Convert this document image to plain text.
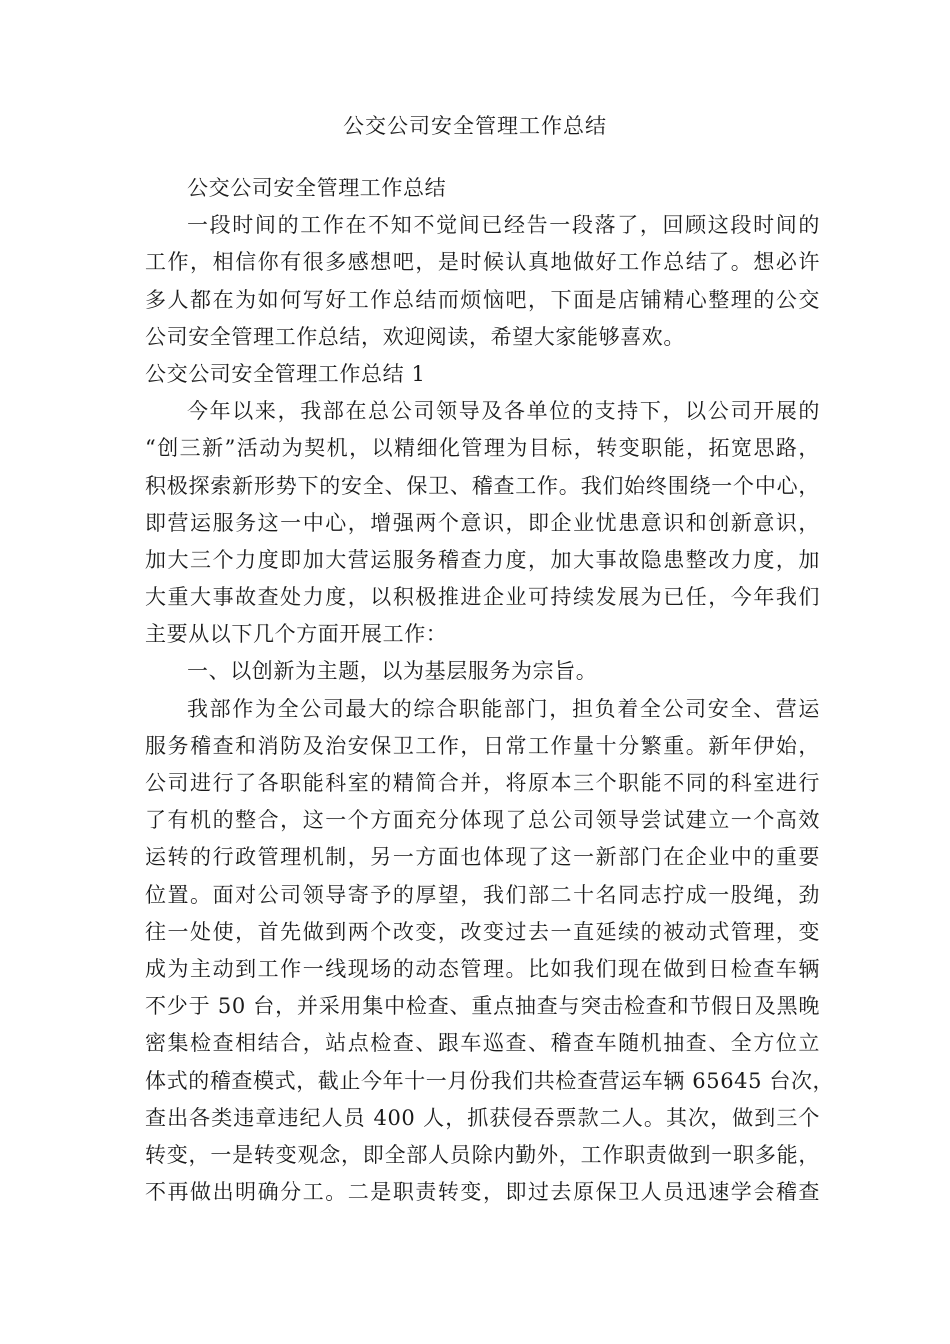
公交公司安全管理工作总结
公交公司安全管理工作总结
一段时间的工作在不知不觉间已经告一段落了，回顾这段时间的
工作，相信你有很多感想吧，是时候认真地做好工作总结了。想必许
多人都在为如何写好工作总结而烦恼吧，下面是店铺精心整理的公交
公司安全管理工作总结，欢迎阅读，希望大家能够喜欢。
公交公司安全管理工作总结 1
今年以来，我部在总公司领导及各单位的支持下，以公司开展的
“创三新”活动为契机，以精细化管理为目标，转变职能，拓宽思路，
积极探索新形势下的安全、保卫、稽查工作。我们始终围绕一个中心，
即营运服务这一中心，增强两个意识，即企业忧患意识和创新意识，
加大三个力度即加大营运服务稽查力度，加大事故隐患整改力度，加
大重大事故查处力度，以积极推进企业可持续发展为已任，今年我们
主要从以下几个方面开展工作：
一、以创新为主题，以为基层服务为宗旨。
我部作为全公司最大的综合职能部门，担负着全公司安全、营运
服务稽查和消防及治安保卫工作，日常工作量十分繁重。新年伊始，
公司进行了各职能科室的精简合并，将原本三个职能不同的科室进行
了有机的整合，这一个方面充分体现了总公司领导尝试建立一个高效
运转的行政管理机制，另一方面也体现了这一新部门在企业中的重要
位置。面对公司领导寄予的厚望，我们部二十名同志拧成一股绳，劲
往一处使，首先做到两个改变，改变过去一直延续的被动式管理，变
成为主动到工作一线现场的动态管理。比如我们现在做到日检查车辆
不少于 50 台，并采用集中检查、重点抽查与突击检查和节假日及黑晚
密集检查相结合，站点检查、跟车巡查、稽查车随机抽查、全方位立
体式的稽查模式，截止今年十一月份我们共检查营运车辆 65645 台次，
查出各类违章违纪人员 400 人，抓获侵吞票款二人。其次，做到三个
转变，一是转变观念，即全部人员除内勤外，工作职责做到一职多能，
不再做出明确分工。二是职责转变，即过去原保卫人员迅速学会稽查
